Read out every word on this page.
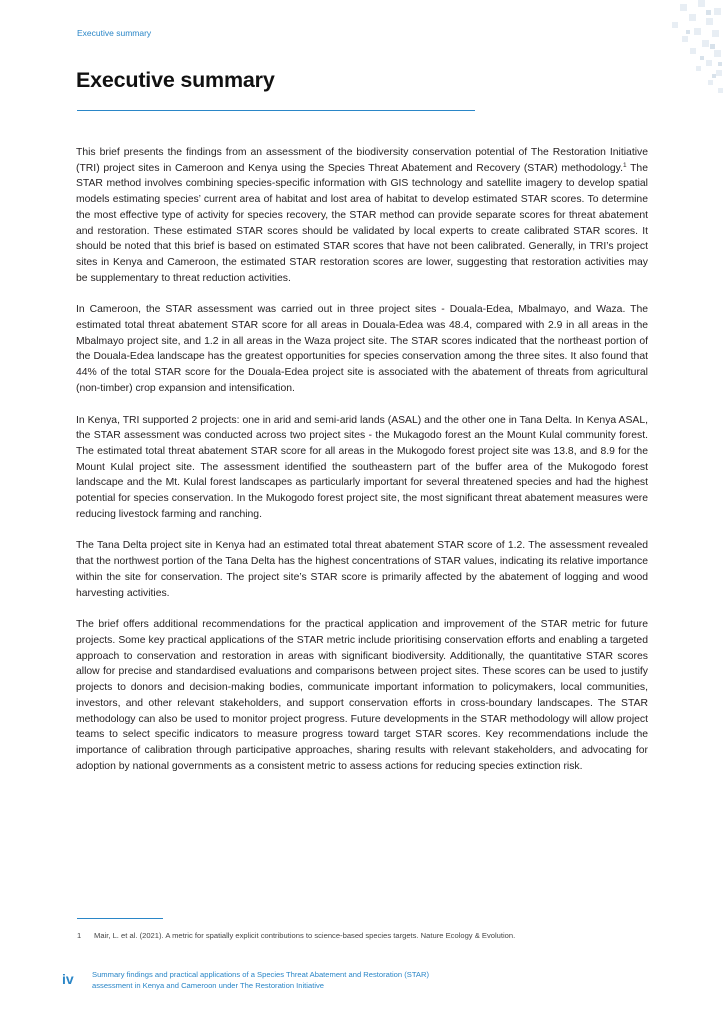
Executive summary
Executive summary

This brief presents the findings from an assessment of the biodiversity conservation potential of The Restoration Initiative (TRI) project sites in Cameroon and Kenya using the Species Threat Abatement and Recovery (STAR) methodology.$^1$ The STAR method involves combining species-specific information with GIS technology and satellite imagery to develop spatial models estimating species’ current area of habitat and lost area of habitat to develop estimated STAR scores. To determine the most effective type of activity for species recovery, the STAR method can provide separate scores for threat abatement and restoration. These estimated STAR scores should be validated by local experts to create calibrated STAR scores. It should be noted that this brief is based on estimated STAR scores that have not been calibrated. Generally, in TRI’s project sites in Kenya and Cameroon, the estimated STAR restoration scores are lower, suggesting that restoration activities may be supplementary to threat reduction activities.

In Cameroon, the STAR assessment was carried out in three project sites - Douala-Edea, Mbalmayo, and Waza. The estimated total threat abatement STAR score for all areas in Douala-Edea was 48.4, compared with 2.9 in all areas in the Mbalmayo project site, and 1.2 in all areas in the Waza project site. The STAR scores indicated that the northeast portion of the Douala-Edea landscape has the greatest opportunities for species conservation among the three sites. It also found that 44% of the total STAR score for the Douala-Edea project site is associated with the abatement of threats from agricultural (non-timber) crop expansion and intensification.

In Kenya, TRI supported 2 projects: one in arid and semi-arid lands (ASAL) and the other one in Tana Delta. In Kenya ASAL, the STAR assessment was conducted across two project sites - the Mukagodo forest an the Mount Kulal community forest. The estimated total threat abatement STAR score for all areas in the Mukogodo forest project site was 13.8, and 8.9 for the Mount Kulal project site. The assessment identified the southeastern part of the buffer area of the Mukogodo forest landscape and the Mt. Kulal forest landscapes as particularly important for several threatened species and had the highest potential for species conservation. In the Mukogodo forest project site, the most significant threat abatement measures were reducing livestock farming and ranching.

The Tana Delta project site in Kenya had an estimated total threat abatement STAR score of 1.2. The assessment revealed that the northwest portion of the Tana Delta has the highest concentrations of STAR values, indicating its relative importance within the site for conservation. The project site’s STAR score is primarily affected by the abatement of logging and wood harvesting activities.

The brief offers additional recommendations for the practical application and improvement of the STAR metric for future projects. Some key practical applications of the STAR metric include prioritising conservation efforts and enabling a targeted approach to conservation and restoration in areas with significant biodiversity. Additionally, the quantitative STAR scores allow for precise and standardised evaluations and comparisons between project sites. These scores can be used to justify projects to donors and decision-making bodies, communicate important information to policymakers, local communities, investors, and other relevant stakeholders, and support conservation efforts in cross-boundary landscapes. The STAR methodology can also be used to monitor project progress. Future developments in the STAR methodology will allow project teams to select specific indicators to measure progress toward target STAR scores. Key recommendations include the importance of calibration through participative approaches, sharing results with relevant stakeholders, and advocating for adoption by national governments as a consistent metric to assess actions for reducing species extinction risk.

1 Mair, L. et al. (2021). A metric for spatially explicit contributions to science-based species targets. Nature Ecology & Evolution.
iv Summary findings and practical applications of a Species Threat Abatement and Restoration (STAR)
assessment in Kenya and Cameroon under The Restoration Initiative
